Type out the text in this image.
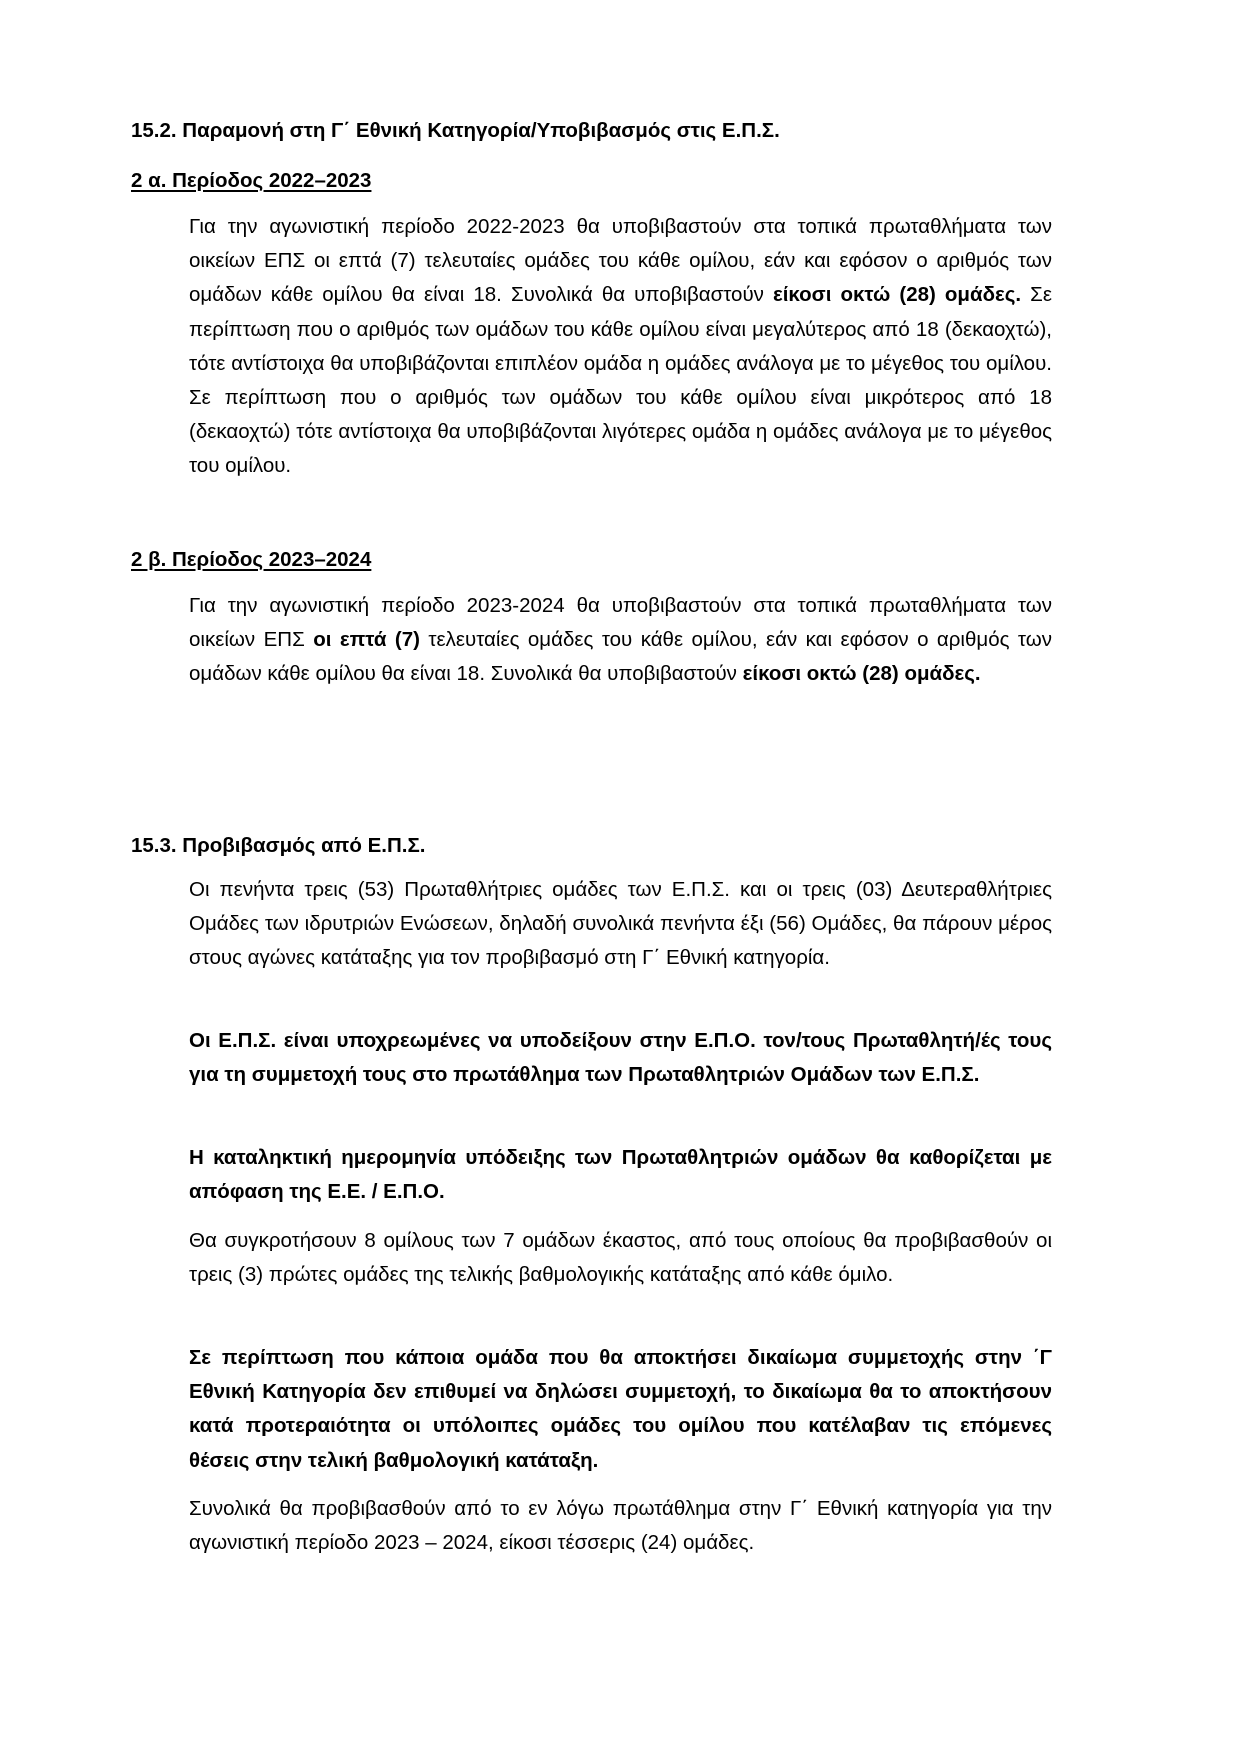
15.2. Παραμονή στη Γ΄ Εθνική Κατηγορία/Υποβιβασμός στις Ε.Π.Σ.
2 α. Περίοδος 2022–2023

Για την αγωνιστική περίοδο 2022-2023 θα υποβιβαστούν στα τοπικά πρωταθλήματα των οικείων ΕΠΣ οι επτά (7) τελευταίες ομάδες του κάθε ομίλου, εάν και εφόσον ο αριθμός των ομάδων κάθε ομίλου θα είναι 18. Συνολικά θα υποβιβαστούν είκοσι οκτώ (28) ομάδες. Σε περίπτωση που ο αριθμός των ομάδων του κάθε ομίλου είναι μεγαλύτερος από 18 (δεκαοχτώ), τότε αντίστοιχα θα υποβιβάζονται επιπλέον ομάδα η ομάδες ανάλογα με το μέγεθος του ομίλου. Σε περίπτωση που ο αριθμός των ομάδων του κάθε ομίλου είναι μικρότερος από 18 (δεκαοχτώ) τότε αντίστοιχα θα υποβιβάζονται λιγότερες ομάδα η ομάδες ανάλογα με το μέγεθος του ομίλου.

2 β. Περίοδος 2023–2024

Για την αγωνιστική περίοδο 2023-2024 θα υποβιβαστούν στα τοπικά πρωταθλήματα των οικείων ΕΠΣ οι επτά (7) τελευταίες ομάδες του κάθε ομίλου, εάν και εφόσον ο αριθμός των ομάδων κάθε ομίλου θα είναι 18. Συνολικά θα υποβιβαστούν είκοσι οκτώ (28) ομάδες.

15.3. Προβιβασμός από Ε.Π.Σ.

Οι πενήντα τρεις (53) Πρωταθλήτριες ομάδες των Ε.Π.Σ. και οι τρεις (03) Δευτεραθλήτριες Ομάδες των ιδρυτριών Ενώσεων, δηλαδή συνολικά πενήντα έξι (56) Ομάδες, θα πάρουν μέρος στους αγώνες κατάταξης για τον προβιβασμό στη Γ΄ Εθνική κατηγορία.

Οι Ε.Π.Σ. είναι υποχρεωμένες να υποδείξουν στην Ε.Π.Ο. τον/τους Πρωταθλητή/ές τους για τη συμμετοχή τους στο πρωτάθλημα των Πρωταθλητριών Ομάδων των Ε.Π.Σ.

Η καταληκτική ημερομηνία υπόδειξης των Πρωταθλητριών ομάδων θα καθορίζεται με απόφαση της Ε.Ε. / Ε.Π.Ο.

Θα συγκροτήσουν 8 ομίλους των 7 ομάδων έκαστος, από τους οποίους θα προβιβασθούν οι τρεις (3) πρώτες ομάδες της τελικής βαθμολογικής κατάταξης από κάθε όμιλο.

Σε περίπτωση που κάποια ομάδα που θα αποκτήσει δικαίωμα συμμετοχής στην ΄Γ Εθνική Κατηγορία δεν επιθυμεί να δηλώσει συμμετοχή, το δικαίωμα θα το αποκτήσουν κατά προτεραιότητα οι υπόλοιπες ομάδες του ομίλου που κατέλαβαν τις επόμενες θέσεις στην τελική βαθμολογική κατάταξη.

Συνολικά θα προβιβασθούν από το εν λόγω πρωτάθλημα στην Γ΄ Εθνική κατηγορία για την αγωνιστική περίοδο 2023 – 2024, είκοσι τέσσερις (24) ομάδες.
